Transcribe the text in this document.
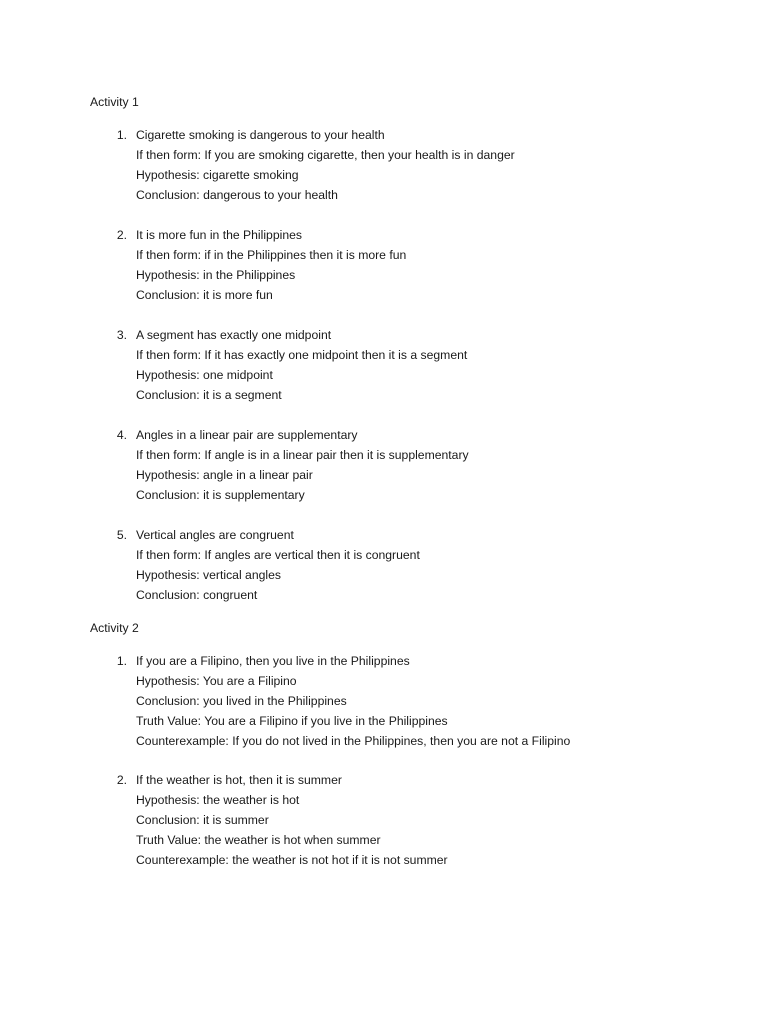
Activity 1
1. Cigarette smoking is dangerous to your health
If then form: If you are smoking cigarette, then your health is in danger
Hypothesis: cigarette smoking
Conclusion: dangerous to your health
2. It is more fun in the Philippines
If then form: if in the Philippines then it is more fun
Hypothesis: in the Philippines
Conclusion: it is more fun
3. A segment has exactly one midpoint
If then form: If it has exactly one midpoint then it is a segment
Hypothesis: one midpoint
Conclusion: it is a segment
4. Angles in a linear pair are supplementary
If then form: If angle is in a linear pair then it is supplementary
Hypothesis: angle in a linear pair
Conclusion: it is supplementary
5. Vertical angles are congruent
If then form: If angles are vertical then it is congruent
Hypothesis: vertical angles
Conclusion: congruent
Activity 2
1. If you are a Filipino, then you live in the Philippines
Hypothesis: You are a Filipino
Conclusion: you lived in the Philippines
Truth Value: You are a Filipino if you live in the Philippines
Counterexample: If you do not lived in the Philippines, then you are not a Filipino
2. If the weather is hot, then it is summer
Hypothesis: the weather is hot
Conclusion: it is summer
Truth Value: the weather is hot when summer
Counterexample: the weather is not hot if it is not summer
